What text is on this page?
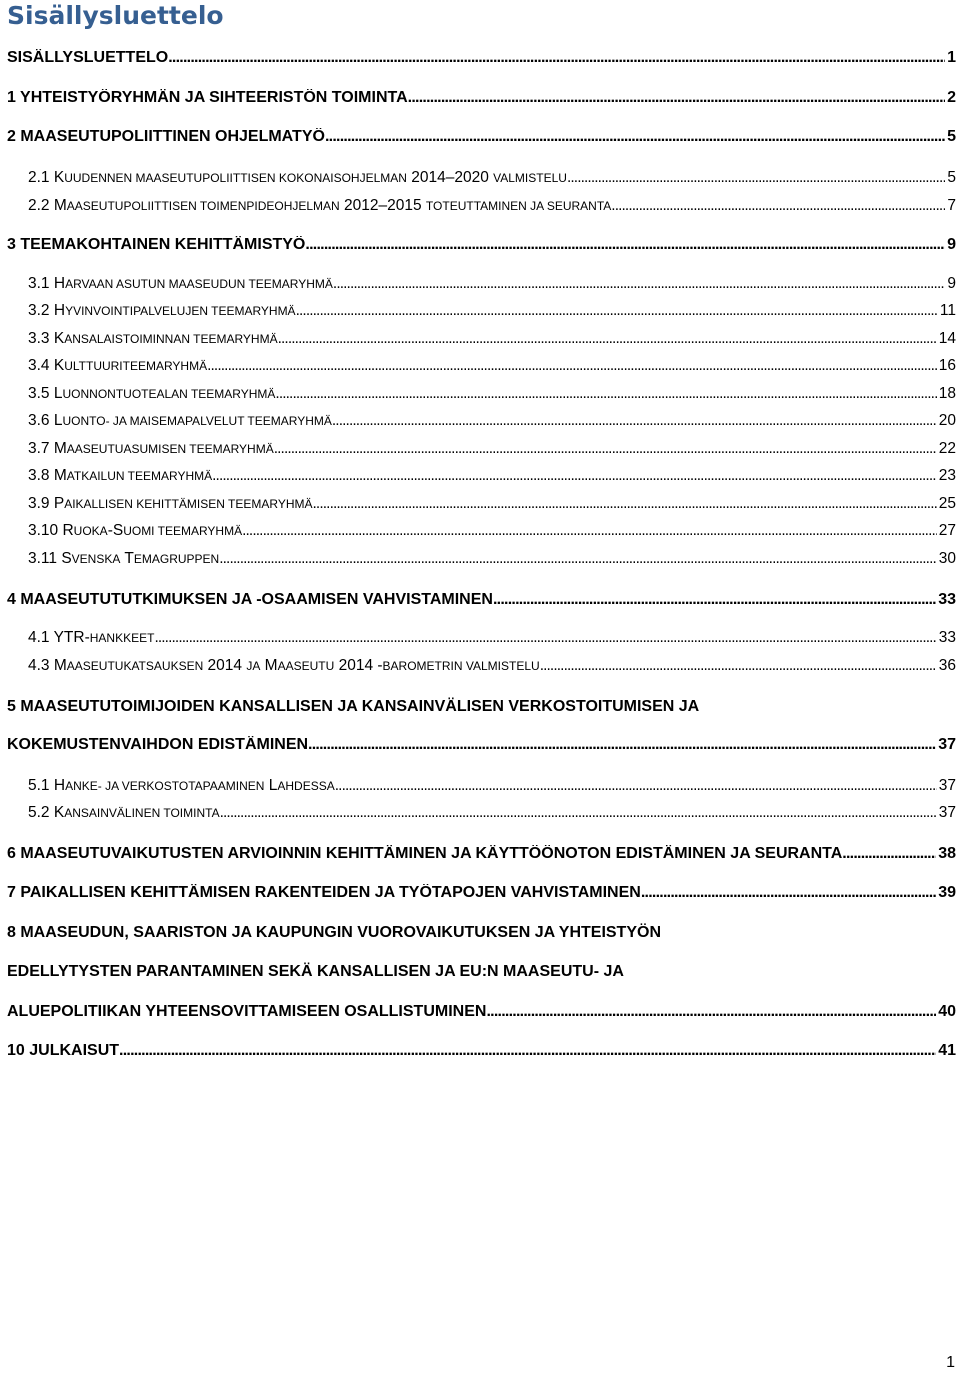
Sisällysluettelo
SISÄLLYSLUETTELO . . .	1
1 YHTEISTYÖRYHMÄN JA SIHTEERISTÖN TOIMINTA . . .	2
2 MAASEUTUPOLIITTINEN OHJELMATYÖ . . .	5
2.1 KUUDENNEN MAASEUTUPOLIITTISEN KOKONAISOHJELMAN 2014–2020 VALMISTELU . . .	5
2.2 MAASEUTUPOLIITTISEN TOIMENPIDEOHJELMAN 2012–2015 TOTEUTTAMINEN JA SEURANTA . . .	7
3 TEEMAKOHTAINEN KEHITTÄMISTYÖ . . .	9
3.1 HARVAAN ASUTUN MAASEUDUN TEEMARYHMÄ . . .	9
3.2 HYVINVOINTIPALVELUJEN TEEMARYHMÄ . . .	11
3.3 KANSALAISTOIMINNAN TEEMARYHMÄ . . .	14
3.4 KULTTUURITEEMARYHMÄ . . .	16
3.5 LUONNONTUOTEALAN TEEMARYHMÄ . . .	18
3.6 LUONTO- JA MAISEMAPALVELUT TEEMARYHMÄ . . .	20
3.7 MAASEUTUASUMISEN TEEMARYHMÄ . . .	22
3.8 MATKAILUN TEEMARYHMÄ . . .	23
3.9 PAIKALLISEN KEHITTÄMISEN TEEMARYHMÄ . . .	25
3.10 RUOKA-SUOMI TEEMARYHMÄ . . .	27
3.11 SVENSKA TEMAGRUPPEN . . .	30
4 MAASEUTUTUTKIMUKSEN JA -OSAAMISEN VAHVISTAMINEN . . .	33
4.1 YTR-HANKKEET . . .	33
4.3 MAASEUTUKATSAUKSEN 2014 JA MAASEUTU 2014 -BAROMETRIN VALMISTELU . . .	36
5 MAASEUTUTOIMIJOIDEN KANSALLISEN JA KANSAINVÄLISEN VERKOSTOITUMISEN JA
KOKEMUSTENVAIHDON EDISTÄMINEN . . .	37
5.1 HANKE- JA VERKOSTOTAPAAMINEN LAHDESSA . . .	37
5.2 KANSAINVÄLINEN TOIMINTA . . .	37
6 MAASEUTUVAIKUTUSTEN ARVIOINNIN KEHITTÄMINEN JA KÄYTTÖÖNOTON EDISTÄMINEN JA SEURANTA . . .	38
7 PAIKALLISEN KEHITTÄMISEN RAKENTEIDEN JA TYÖTAPOJEN VAHVISTAMINEN . . .	39
8 MAASEUDUN, SAARISTON JA KAUPUNGIN VUOROVAIKUTUKSEN JA YHTEISTYÖN
EDELLYTYSTEN PARANTAMINEN SEKÄ KANSALLISEN JA EU:N MAASEUTU- JA
ALUEPOLITIIKAN YHTEENSOVITTAMISEEN OSALLISTUMINEN . . .	40
10 JULKAISUT . . .	41
1
